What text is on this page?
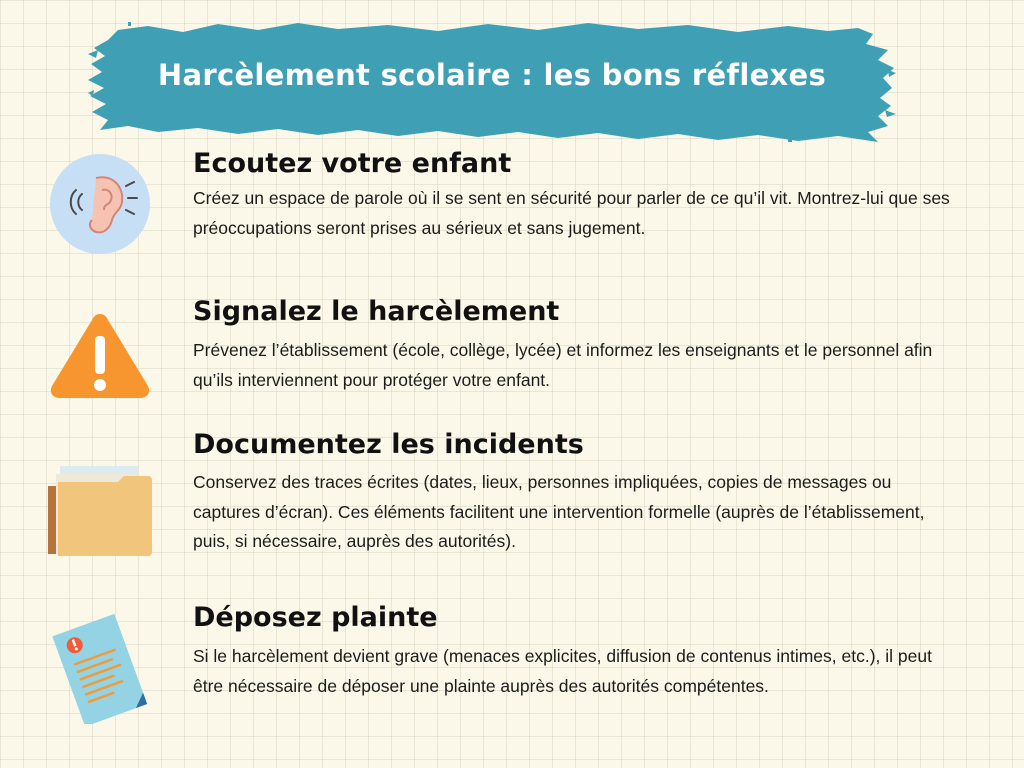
Harcèlement scolaire : les bons réflexes
Ecoutez votre enfant

Créez un espace de parole où il se sent en sécurité pour parler de ce qu’il vit. Montrez-lui que ses préoccupations seront prises au sérieux et sans jugement.

Signalez le harcèlement

Prévenez l’établissement (école, collège, lycée) et informez les enseignants et le personnel afin qu’ils interviennent pour protéger votre enfant.

Documentez les incidents

Conservez des traces écrites (dates, lieux, personnes impliquées, copies de messages ou captures d’écran). Ces éléments facilitent une intervention formelle (auprès de l’établissement, puis, si nécessaire, auprès des autorités).

Déposez plainte

Si le harcèlement devient grave (menaces explicites, diffusion de contenus intimes, etc.), il peut être nécessaire de déposer une plainte auprès des autorités compétentes.
